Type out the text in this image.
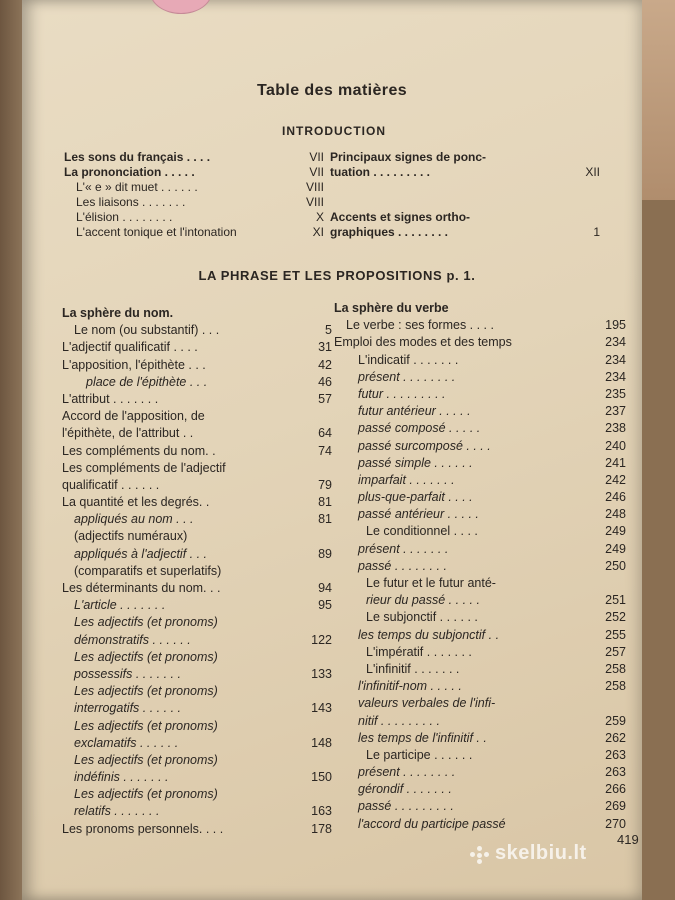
Table des matières
INTRODUCTION
Les sons du français . . . .	VII
La prononciation . . . . .	VII
L'« e » dit muet . . . . . .	VIII
Les liaisons . . . . . . .	VIII
L'élision . . . . . . . .	X
L'accent tonique et l'intonation	XI
Principaux signes de ponc-
tuation . . . . . . . . .	XII
Accents et signes ortho-
graphiques . . . . . . . .	1
LA PHRASE ET LES PROPOSITIONS p. 1.
La sphère du nom.
Le nom (ou substantif) . . .	5
L'adjectif qualificatif . . . .	31
L'apposition, l'épithète . . .	42
place de l'épithète . . .	46
L'attribut . . . . . . .	57
Accord de l'apposition, de
l'épithète, de l'attribut . .	64
Les compléments du nom. .	74
Les compléments de l'adjectif
qualificatif . . . . . .	79
La quantité et les degrés. .	81
appliqués au nom . . .	81
(adjectifs numéraux)
appliqués à l'adjectif . . .	89
(comparatifs et superlatifs)
Les déterminants du nom. . .	94
L'article . . . . . . .	95
Les adjectifs (et pronoms)
démonstratifs . . . . . .	122
Les adjectifs (et pronoms)
possessifs . . . . . . .	133
Les adjectifs (et pronoms)
interrogatifs . . . . . .	143
Les adjectifs (et pronoms)
exclamatifs . . . . . .	148
Les adjectifs (et pronoms)
indéfinis . . . . . . .	150
Les adjectifs (et pronoms)
relatifs . . . . . . .	163
Les pronoms personnels. . . .	178
La sphère du verbe
Le verbe : ses formes . . . .	195
Emploi des modes et des temps	234
L'indicatif . . . . . . .	234
présent . . . . . . . .	234
futur . . . . . . . . .	235
futur antérieur . . . . .	237
passé composé . . . . .	238
passé surcomposé . . . .	240
passé simple . . . . . .	241
imparfait . . . . . . .	242
plus-que-parfait . . . .	246
passé antérieur . . . . .	248
Le conditionnel . . . .	249
présent . . . . . . .	249
passé . . . . . . . .	250
Le futur et le futur anté-
rieur du passé . . . . .	251
Le subjonctif . . . . . .	252
les temps du subjonctif . .	255
L'impératif . . . . . . .	257
L'infinitif . . . . . . .	258
l'infinitif-nom . . . . .	258
valeurs verbales de l'infi-
nitif . . . . . . . . .	259
les temps de l'infinitif . .	262
Le participe . . . . . .	263
présent . . . . . . . .	263
gérondif . . . . . . .	266
passé . . . . . . . . .	269
l'accord du participe passé	270
419
skelbiu.lt
